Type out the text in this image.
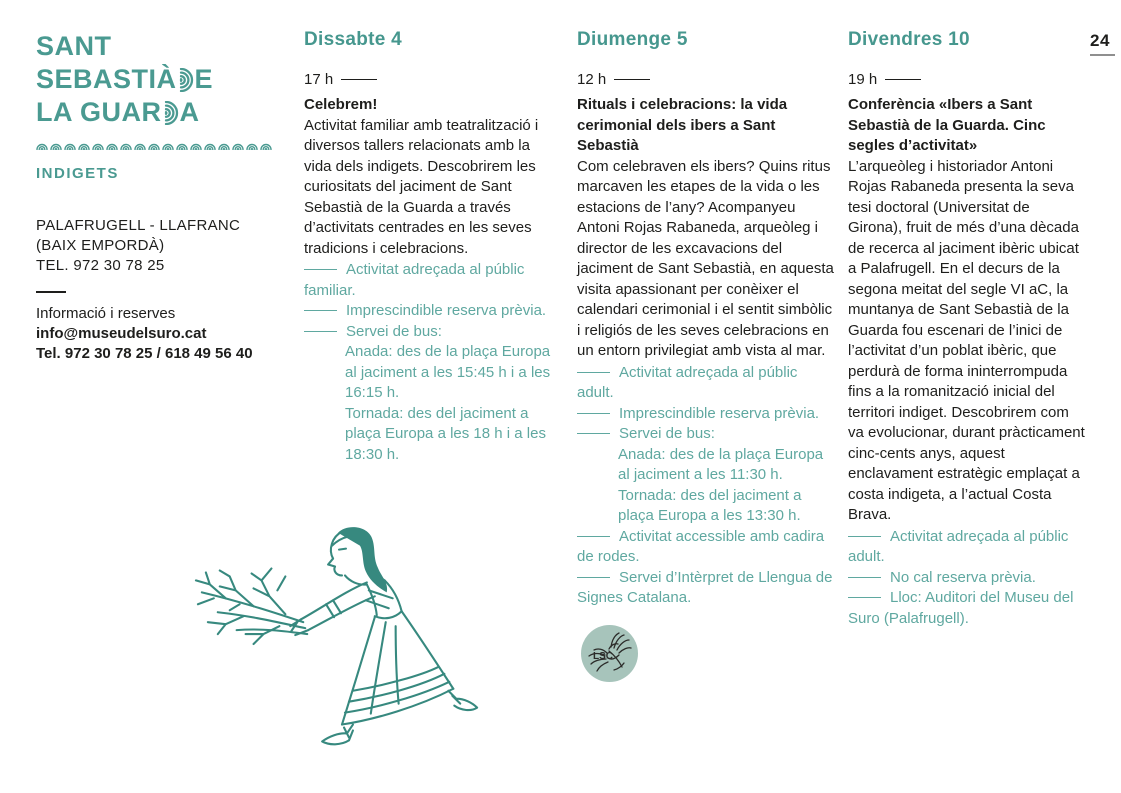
SANT
SEBASTIÀ E
LA GUAR A
INDIGETS
PALAFRUGELL - LLAFRANC
(BAIX EMPORDÀ)
TEL. 972 30 78 25
Informació i reserves
info@museudelsuro.cat
Tel. 972 30 78 25 / 618 49 56 40
Dissabte 4
17 h
Celebrem!
Activitat familiar amb teatralització i diversos tallers relacionats amb la vida dels indigets. Descobrirem les curiositats del jaciment de Sant Sebastià de la Guarda a través d’activitats centrades en les seves tradicions i celebracions.
Activitat adreçada al públic familiar.
Imprescindible reserva prèvia.
Servei de bus:
Anada: des de la plaça Europa al jaciment a les 15:45 h i a les 16:15 h.
Tornada: des del jaciment a plaça Europa a les 18 h i a les 18:30 h.
Diumenge 5
12 h
Rituals i celebracions: la vida cerimonial dels ibers a Sant Sebastià
Com celebraven els ibers? Quins ritus marcaven les etapes de la vida o les estacions de l’any? Acompanyeu Antoni Rojas Rabaneda, arqueòleg i director de les excavacions del jaciment de Sant Sebastià, en aquesta visita apassionant per conèixer el calendari cerimonial i el sentit simbòlic i religiós de les seves celebracions en un entorn privilegiat amb vista al mar.
Activitat adreçada al públic adult.
Imprescindible reserva prèvia.
Servei de bus:
Anada: des de la plaça Europa al jaciment a les 11:30 h.
Tornada: des del jaciment a plaça Europa a les 13:30 h.
Activitat accessible amb cadira de rodes.
Servei d’Intèrpret de Llengua de Signes Catalana.
LSC
Divendres 10
19 h
Conferència «Ibers a Sant Sebastià de la Guarda. Cinc segles d’activitat»
L’arqueòleg i historiador Antoni Rojas Rabaneda presenta la seva tesi doctoral (Universitat de Girona), fruit de més d’una dècada de recerca al jaciment ibèric ubicat a Palafrugell. En el decurs de la segona meitat del segle VI aC, la muntanya de Sant Sebastià de la Guarda fou escenari de l’inici de l’activitat d’un poblat ibèric, que perdurà de forma ininterrompuda fins a la romanització inicial del territori indiget. Descobrirem com va evolucionar, durant pràcticament cinc-cents anys, aquest enclavament estratègic emplaçat a costa indigeta, a l’actual Costa Brava.
Activitat adreçada al públic adult.
No cal reserva prèvia.
Lloc: Auditori del Museu del Suro (Palafrugell).
24
